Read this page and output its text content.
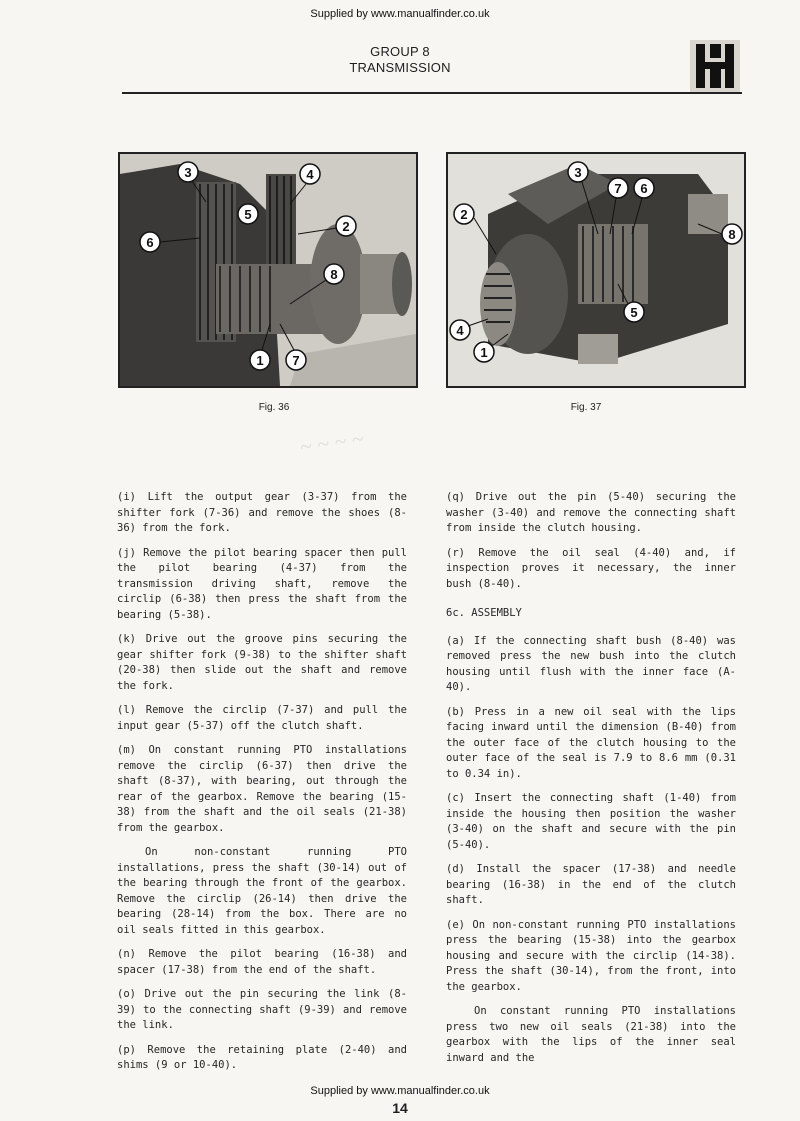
Supplied by www.manualfinder.co.uk
GROUP 8
TRANSMISSION
3	4
5
2
6
8
1 7
Fig. 36
3
7 6
2
8
5
4
1
Fig. 37
~ ~ ~ ~

(i) Lift the output gear (3-37) from the shifter fork (7-36) and remove the shoes (8-36) from the fork.

(j) Remove the pilot bearing spacer then pull the pilot bearing (4-37) from the transmission driving shaft, remove the circlip (6-38) then press the shaft from the bearing (5-38).

(k) Drive out the groove pins securing the gear shifter fork (9-38) to the shifter shaft (20-38) then slide out the shaft and remove the fork.

(l) Remove the circlip (7-37) and pull the input gear (5-37) off the clutch shaft.

(m) On constant running PTO installations remove the circlip (6-37) then drive the shaft (8-37), with bearing, out through the rear of the gearbox. Remove the bearing (15-38) from the shaft and the oil seals (21-38) from the gearbox.

On non-constant running PTO installations, press the shaft (30-14) out of the bearing through the front of the gearbox. Remove the circlip (26-14) then drive the bearing (28-14) from the box. There are no oil seals fitted in this gearbox.

(n) Remove the pilot bearing (16-38) and spacer (17-38) from the end of the shaft.

(o) Drive out the pin securing the link (8-39) to the connecting shaft (9-39) and remove the link.

(p) Remove the retaining plate (2-40) and shims (9 or 10-40).

(q) Drive out the pin (5-40) securing the washer (3-40) and remove the connecting shaft from inside the clutch housing.

(r) Remove the oil seal (4-40) and, if inspection proves it necessary, the inner bush (8-40).

6c. ASSEMBLY

(a) If the connecting shaft bush (8-40) was removed press the new bush into the clutch housing until flush with the inner face (A-40).

(b) Press in a new oil seal with the lips facing inward until the dimension (B-40) from the outer face of the clutch housing to the outer face of the seal is 7.9 to 8.6 mm (0.31 to 0.34 in).

(c) Insert the connecting shaft (1-40) from inside the housing then position the washer (3-40) on the shaft and secure with the pin (5-40).

(d) Install the spacer (17-38) and needle bearing (16-38) in the end of the clutch shaft.

(e) On non-constant running PTO installations press the bearing (15-38) into the gearbox housing and secure with the circlip (14-38). Press the shaft (30-14), from the front, into the gearbox.

On constant running PTO installations press two new oil seals (21-38) into the gearbox with the lips of the inner seal inward and the

Supplied by www.manualfinder.co.uk
14
